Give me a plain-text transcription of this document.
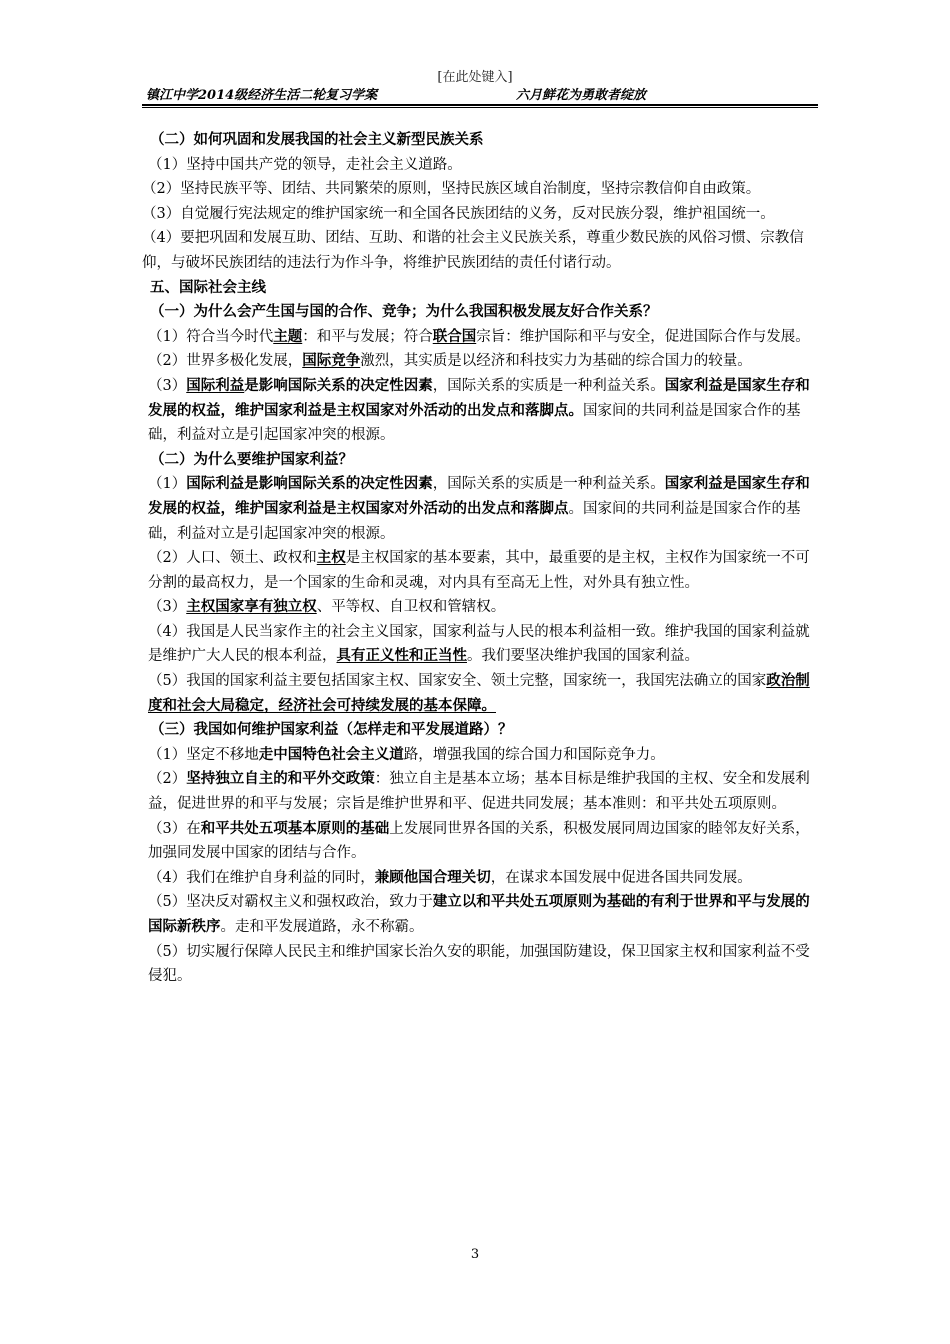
[在此处键入]
镇江中学2014级经济生活二轮复习学案	六月鲜花为勇敢者绽放

（二）如何巩固和发展我国的社会主义新型民族关系

（1）坚持中国共产党的领导，走社会主义道路。

（2）坚持民族平等、团结、共同繁荣的原则，坚持民族区域自治制度，坚持宗教信仰自由政策。

（3）自觉履行宪法规定的维护国家统一和全国各民族团结的义务，反对民族分裂，维护祖国统一。

（4）要把巩固和发展互助、团结、互助、和谐的社会主义民族关系，尊重少数民族的风俗习惯、宗教信仰，与破坏民族团结的违法行为作斗争，将维护民族团结的责任付诸行动。

五、国际社会主线

（一）为什么会产生国与国的合作、竞争；为什么我国积极发展友好合作关系？

（1）符合当今时代主题：和平与发展；符合联合国宗旨：维护国际和平与安全，促进国际合作与发展。

（2）世界多极化发展，国际竞争激烈，其实质是以经济和科技实力为基础的综合国力的较量。

（3）国际利益是影响国际关系的决定性因素，国际关系的实质是一种利益关系。国家利益是国家生存和发展的权益，维护国家利益是主权国家对外活动的出发点和落脚点。国家间的共同利益是国家合作的基础，利益对立是引起国家冲突的根源。

（二）为什么要维护国家利益？

（1）国际利益是影响国际关系的决定性因素，国际关系的实质是一种利益关系。国家利益是国家生存和发展的权益，维护国家利益是主权国家对外活动的出发点和落脚点。国家间的共同利益是国家合作的基础，利益对立是引起国家冲突的根源。

（2）人口、领土、政权和主权是主权国家的基本要素，其中，最重要的是主权，主权作为国家统一不可分割的最高权力，是一个国家的生命和灵魂，对内具有至高无上性，对外具有独立性。

（3）主权国家享有独立权、平等权、自卫权和管辖权。

（4）我国是人民当家作主的社会主义国家，国家利益与人民的根本利益相一致。维护我国的国家利益就是维护广大人民的根本利益，具有正义性和正当性。我们要坚决维护我国的国家利益。

（5）我国的国家利益主要包括国家主权、国家安全、领土完整，国家统一，我国宪法确立的国家政治制度和社会大局稳定，经济社会可持续发展的基本保障。

（三）我国如何维护国家利益（怎样走和平发展道路）？

（1）坚定不移地走中国特色社会主义道路，增强我国的综合国力和国际竞争力。

（2）坚持独立自主的和平外交政策：独立自主是基本立场；基本目标是维护我国的主权、安全和发展利益，促进世界的和平与发展；宗旨是维护世界和平、促进共同发展；基本准则：和平共处五项原则。

（3）在和平共处五项基本原则的基础上发展同世界各国的关系，积极发展同周边国家的睦邻友好关系，加强同发展中国家的团结与合作。

（4）我们在维护自身利益的同时，兼顾他国合理关切，在谋求本国发展中促进各国共同发展。

（5）坚决反对霸权主义和强权政治，致力于建立以和平共处五项原则为基础的有利于世界和平与发展的国际新秩序。走和平发展道路，永不称霸。

（5）切实履行保障人民民主和维护国家长治久安的职能，加强国防建设，保卫国家主权和国家利益不受侵犯。

3
